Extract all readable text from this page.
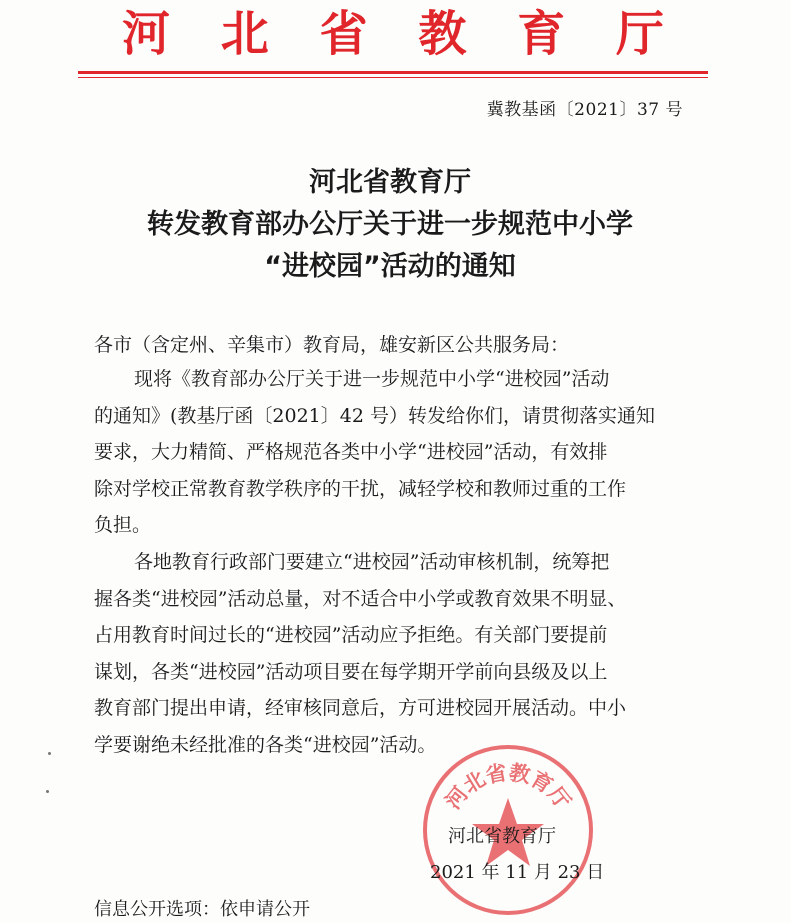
河 北 省 教 育 厅
冀教基函〔2021〕37 号
河北省教育厅
转发教育部办公厅关于进一步规范中小学
“进校园”活动的通知
各市（含定州、辛集市）教育局，雄安新区公共服务局：
现将《教育部办公厅关于进一步规范中小学“进校园”活动
的通知》(教基厅函〔2021〕42 号）转发给你们，请贯彻落实通知
要求，大力精简、严格规范各类中小学“进校园”活动，有效排
除对学校正常教育教学秩序的干扰，减轻学校和教师过重的工作
负担。
各地教育行政部门要建立“进校园”活动审核机制，统筹把
握各类“进校园”活动总量，对不适合中小学或教育效果不明显、
占用教育时间过长的“进校园”活动应予拒绝。有关部门要提前
谋划，各类“进校园”活动项目要在每学期开学前向县级及以上
教育部门提出申请，经审核同意后，方可进校园开展活动。中小
学要谢绝未经批准的各类“进校园”活动。
河北省教育厅
河北省教育厅
2021 年 11 月 23 日
信息公开选项：依申请公开
